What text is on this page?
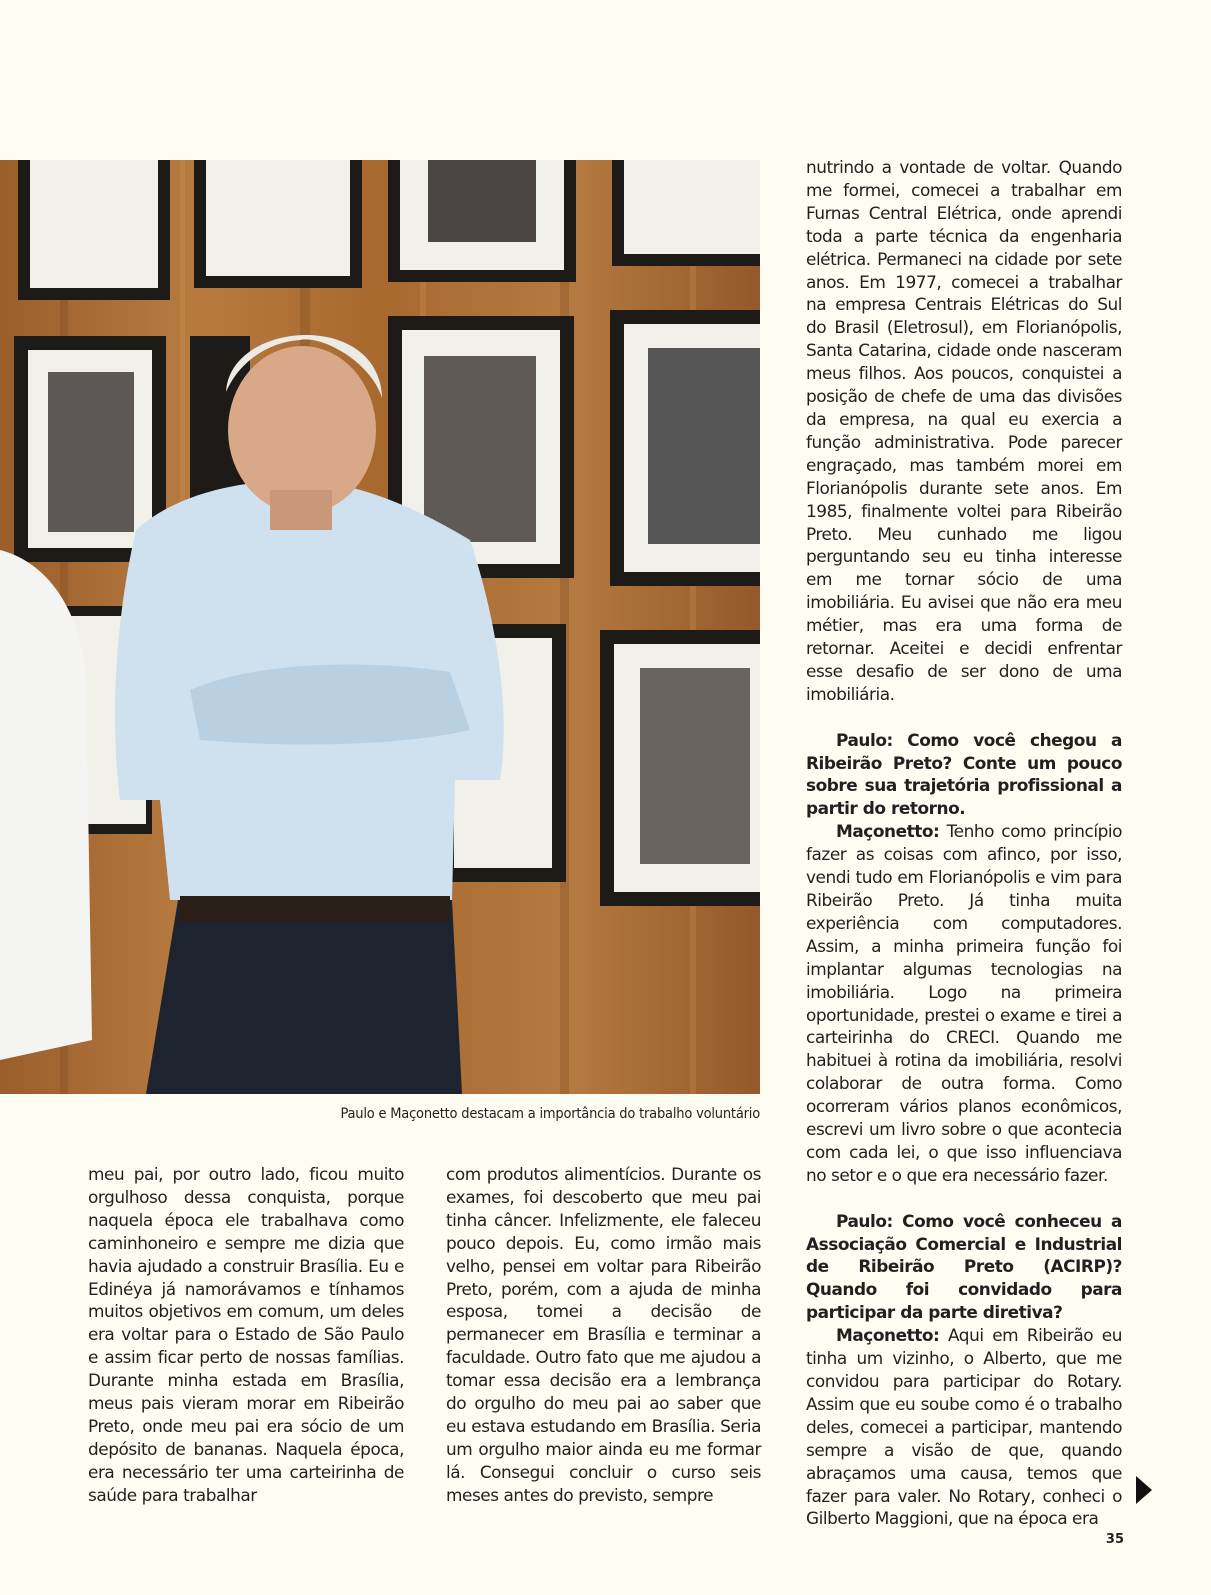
Paulo e Maçonetto destacam a importância do trabalho voluntário

meu pai, por outro lado, ficou muito orgulhoso dessa conquista, porque naquela época ele trabalhava como caminhoneiro e sempre me dizia que havia ajudado a construir Brasília. Eu e Edinéya já namorávamos e tínhamos muitos objetivos em comum, um deles era voltar para o Estado de São Paulo e assim ficar perto de nossas famílias. Durante minha estada em Brasília, meus pais vieram morar em Ribeirão Preto, onde meu pai era sócio de um depósito de bananas. Naquela época, era necessário ter uma carteirinha de saúde para trabalhar

com produtos alimentícios. Durante os exames, foi descoberto que meu pai tinha câncer. Infelizmente, ele faleceu pouco depois. Eu, como irmão mais velho, pensei em voltar para Ribeirão Preto, porém, com a ajuda de minha esposa, tomei a decisão de permanecer em Brasília e terminar a faculdade. Outro fato que me ajudou a tomar essa decisão era a lembrança do orgulho do meu pai ao saber que eu estava estudando em Brasília. Seria um orgulho maior ainda eu me formar lá. Consegui concluir o curso seis meses antes do previsto, sempre

nutrindo a vontade de voltar. Quando me formei, comecei a trabalhar em Furnas Central Elétrica, onde aprendi toda a parte técnica da engenharia elétrica. Permaneci na cidade por sete anos. Em 1977, comecei a trabalhar na empresa Centrais Elétricas do Sul do Brasil (Eletrosul), em Florianópolis, Santa Catarina, cidade onde nasceram meus filhos. Aos poucos, conquistei a posição de chefe de uma das divisões da empresa, na qual eu exercia a função administrativa. Pode parecer engraçado, mas também morei em Florianópolis durante sete anos. Em 1985, finalmente voltei para Ribeirão Preto. Meu cunhado me ligou perguntando seu eu tinha interesse em me tornar sócio de uma imobiliária. Eu avisei que não era meu métier, mas era uma forma de retornar. Aceitei e decidi enfrentar esse desafio de ser dono de uma imobiliária.

Paulo: Como você chegou a Ribeirão Preto? Conte um pouco sobre sua trajetória profissional a partir do retorno.

Maçonetto: Tenho como princípio fazer as coisas com afinco, por isso, vendi tudo em Florianópolis e vim para Ribeirão Preto. Já tinha muita experiência com computadores. Assim, a minha primeira função foi implantar algumas tecnologias na imobiliária. Logo na primeira oportunidade, prestei o exame e tirei a carteirinha do CRECI. Quando me habituei à rotina da imobiliária, resolvi colaborar de outra forma. Como ocorreram vários planos econômicos, escrevi um livro sobre o que acontecia com cada lei, o que isso influenciava no setor e o que era necessário fazer.

Paulo: Como você conheceu a Associação Comercial e Industrial de Ribeirão Preto (ACIRP)? Quando foi convidado para participar da parte diretiva?

Maçonetto: Aqui em Ribeirão eu tinha um vizinho, o Alberto, que me convidou para participar do Rotary. Assim que eu soube como é o trabalho deles, comecei a participar, mantendo sempre a visão de que, quando abraçamos uma causa, temos que fazer para valer. No Rotary, conheci o Gilberto Maggioni, que na época era

35
